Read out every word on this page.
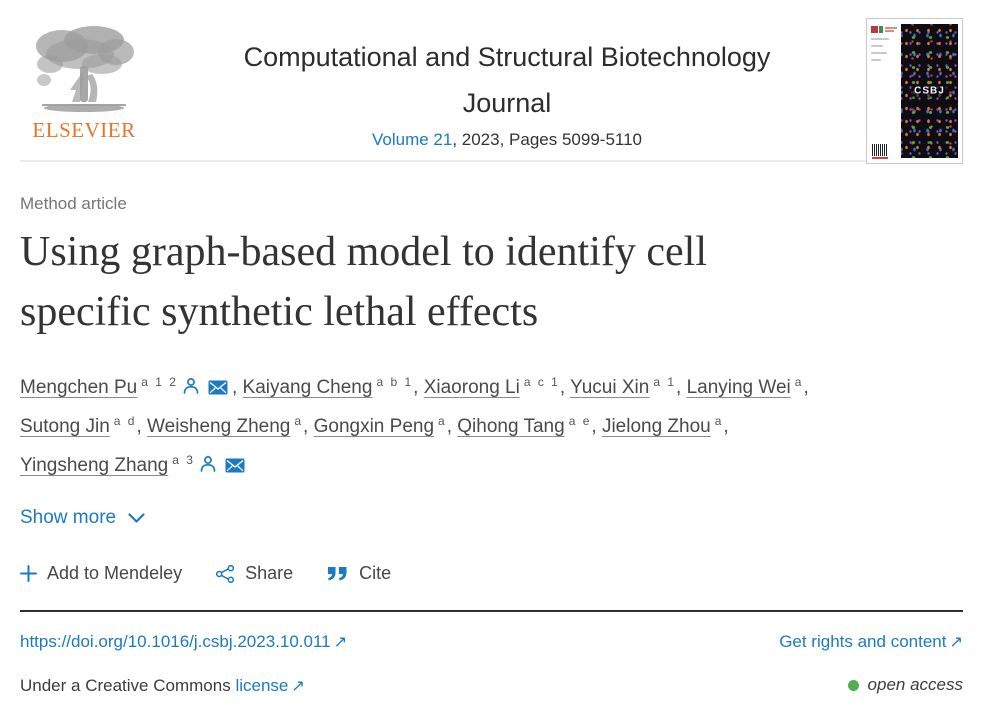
ELSEVIER
Computational and Structural Biotechnology
Journal
Volume 21, 2023, Pages 5099-5110
CSBJ
Method article
Using graph-based model to identify cell
specific synthetic lethal effects
Mengchen Pu $^{a 1 2}$	, Kaiyang Cheng $^{a b 1}$, Xiaorong Li $^{a c 1}$, Yucui Xin $^{a 1}$, Lanying Wei $^a$,
Sutong Jin $^{a d}$, Weisheng Zheng $^a$, Gongxin Peng $^a$, Qihong Tang $^{a e}$, Jielong Zhou $^a$,
Yingsheng Zhang $^{a 3}$
Show more
Add to Mendeley	Share	Cite
https://doi.org/10.1016/j.csbj.2023.10.011 ↗	Get rights and content ↗
Under a Creative Commons license ↗	open access
